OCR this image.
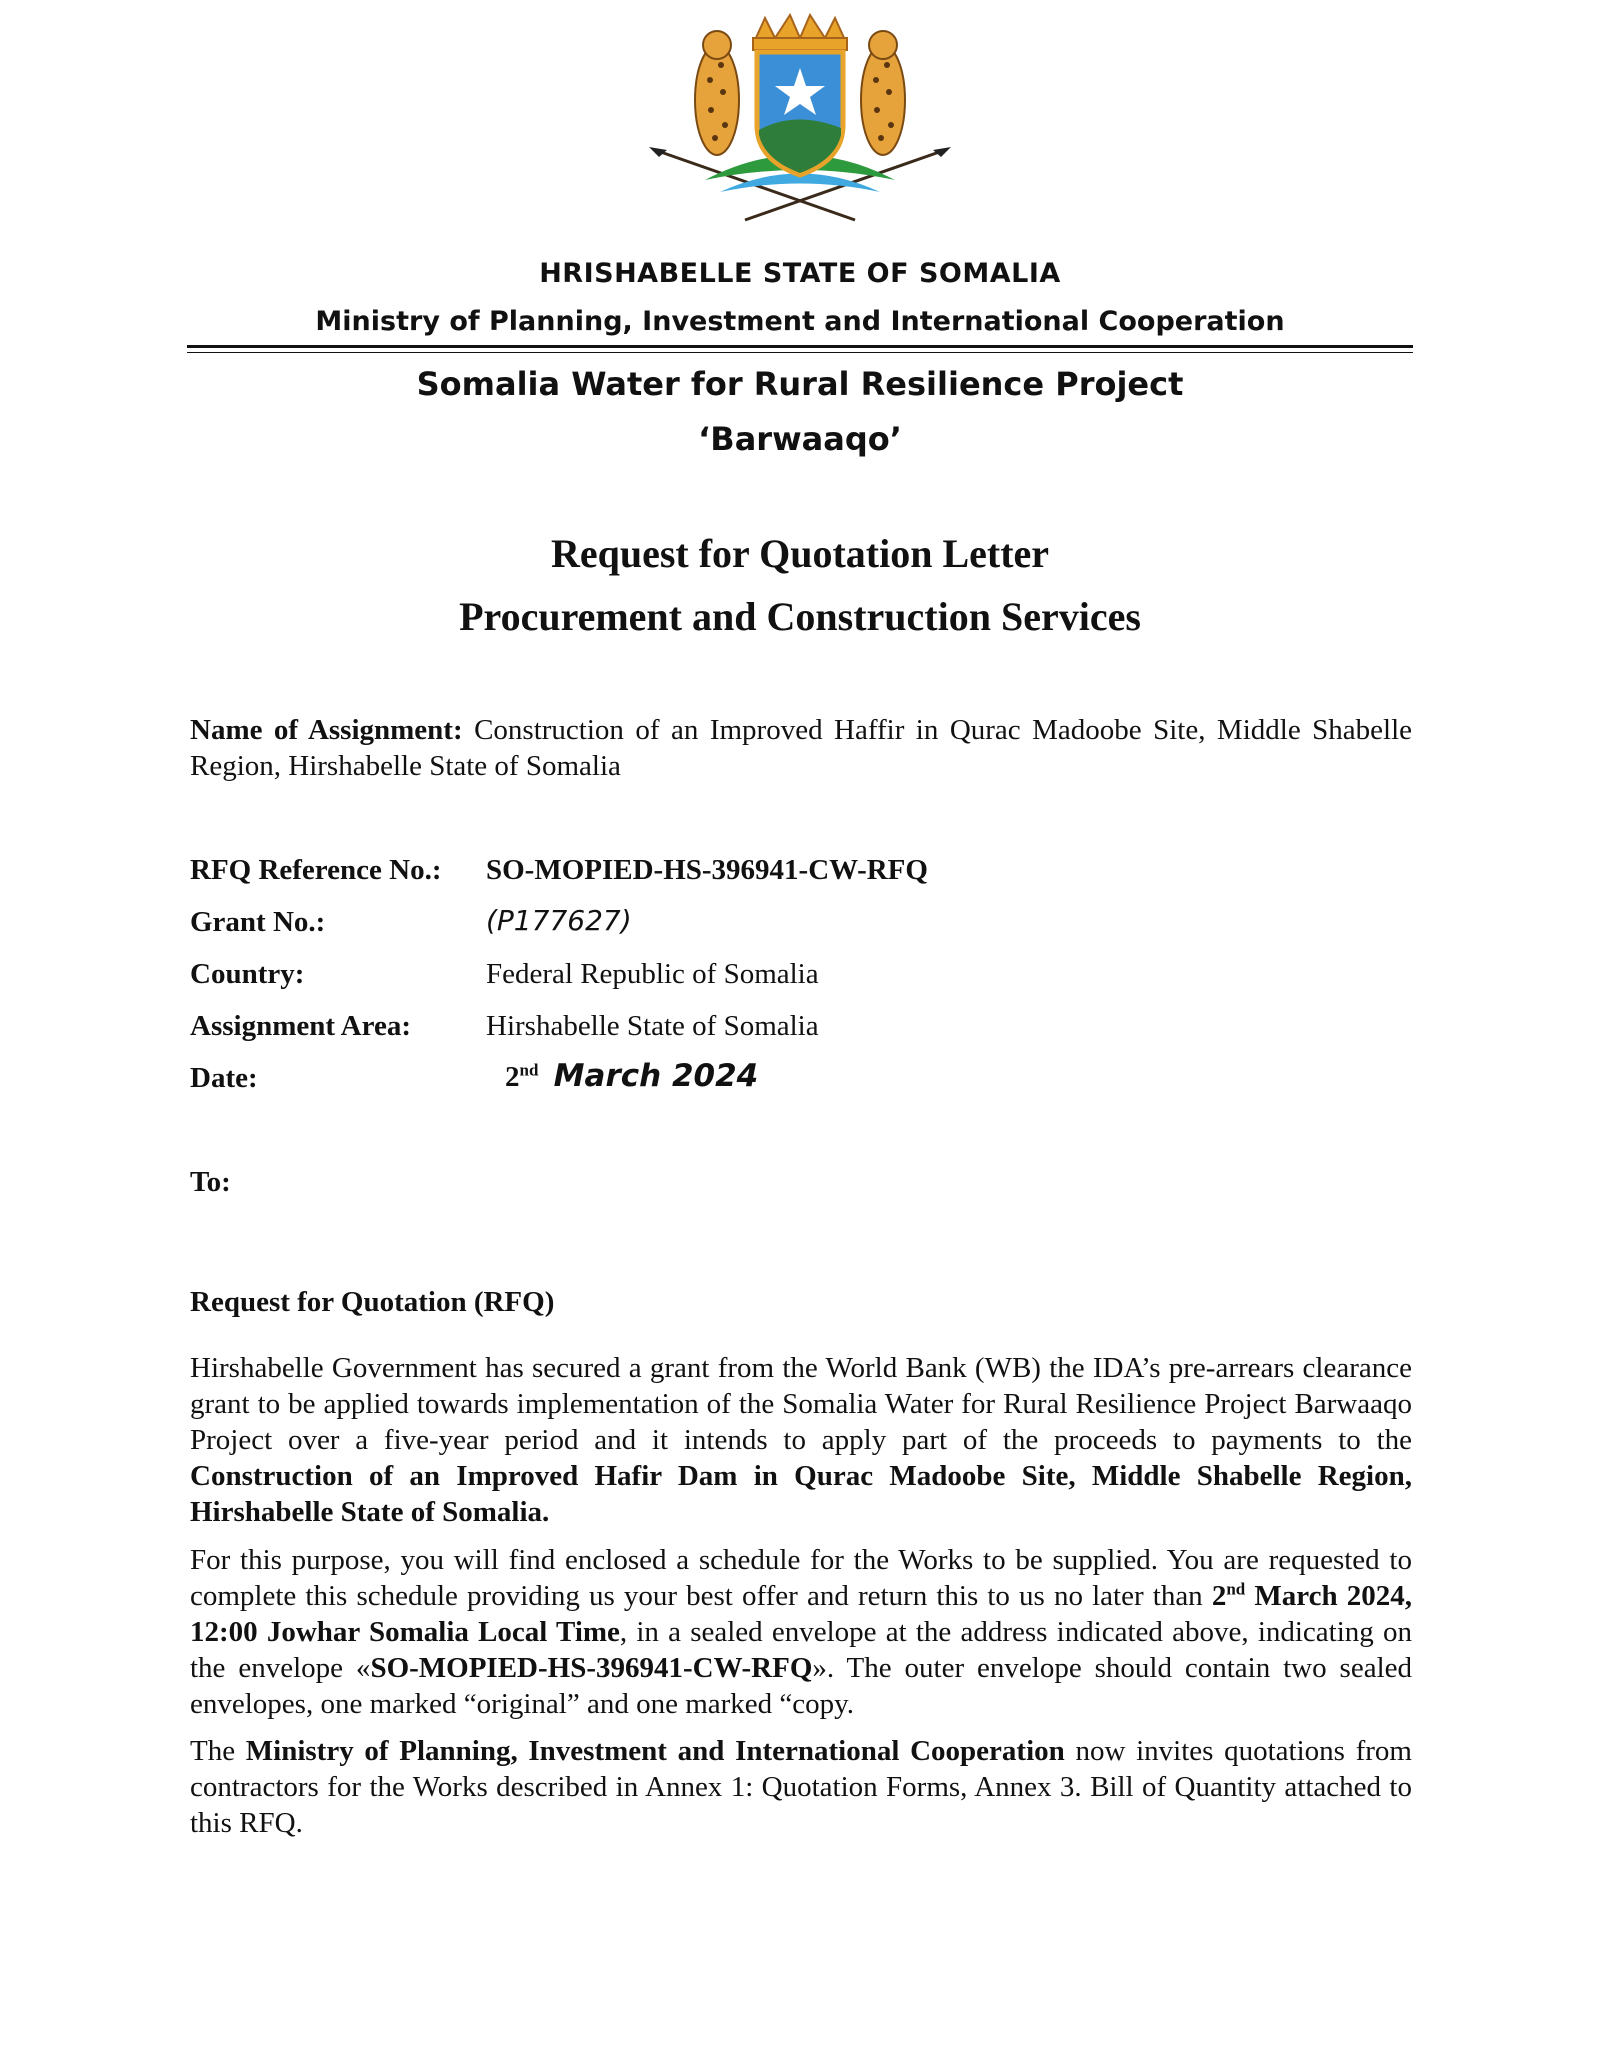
HRISHABELLE STATE OF SOMALIA
Ministry of Planning, Investment and International Cooperation
Somalia Water for Rural Resilience Project
‘Barwaaqo’
Request for Quotation Letter
Procurement and Construction Services
Name of Assignment: Construction of an Improved Haffir in Qurac Madoobe Site, Middle Shabelle Region, Hirshabelle State of Somalia
RFQ Reference No.: SO-MOPIED-HS-396941-CW-RFQ
Grant No.:	(P177627)
Country:	Federal Republic of Somalia
Assignment Area:	Hirshabelle State of Somalia
Date:	2nd March 2024
To:
Request for Quotation (RFQ)
Hirshabelle Government has secured a grant from the World Bank (WB) the IDA’s pre-arrears clearance grant to be applied towards implementation of the Somalia Water for Rural Resilience Project Barwaaqo Project over a five-year period and it intends to apply part of the proceeds to payments to the Construction of an Improved Hafir Dam in Qurac Madoobe Site, Middle Shabelle Region, Hirshabelle State of Somalia.
For this purpose, you will find enclosed a schedule for the Works to be supplied. You are requested to complete this schedule providing us your best offer and return this to us no later than 2nd March 2024, 12:00 Jowhar Somalia Local Time, in a sealed envelope at the address indicated above, indicating on the envelope «SO-MOPIED-HS-396941-CW-RFQ». The outer envelope should contain two sealed envelopes, one marked “original” and one marked “copy.
The Ministry of Planning, Investment and International Cooperation now invites quotations from contractors for the Works described in Annex 1: Quotation Forms, Annex 3. Bill of Quantity attached to this RFQ.
